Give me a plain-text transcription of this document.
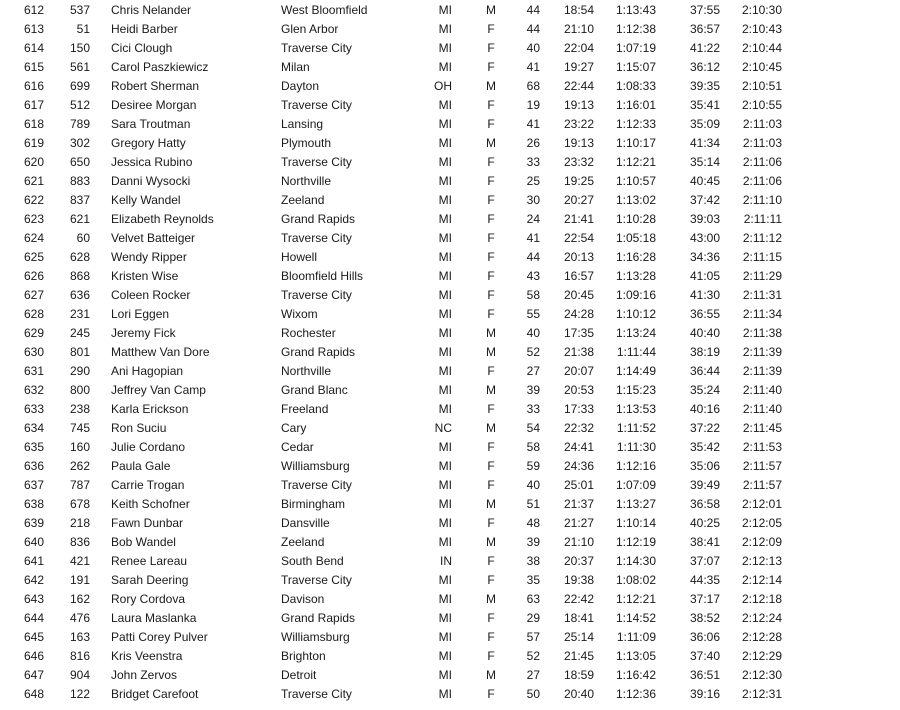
612	537 Chris Nelander	West Bloomfield	MI	M	44	18:54	1:13:43	37:55	2:10:30
613	51 Heidi Barber	Glen Arbor	MI	F	44	21:10	1:12:38	36:57	2:10:43
614	150 Cici Clough	Traverse City	MI	F	40	22:04	1:07:19	41:22	2:10:44
615	561 Carol Paszkiewicz	Milan	MI	F	41	19:27	1:15:07	36:12	2:10:45
616	699 Robert Sherman	Dayton	OH	M	68	22:44	1:08:33	39:35	2:10:51
617	512 Desiree Morgan	Traverse City	MI	F	19	19:13	1:16:01	35:41	2:10:55
618	789 Sara Troutman	Lansing	MI	F	41	23:22	1:12:33	35:09	2:11:03
619	302 Gregory Hatty	Plymouth	MI	M	26	19:13	1:10:17	41:34	2:11:03
620	650 Jessica Rubino	Traverse City	MI	F	33	23:32	1:12:21	35:14	2:11:06
621	883 Danni Wysocki	Northville	MI	F	25	19:25	1:10:57	40:45	2:11:06
622	837 Kelly Wandel	Zeeland	MI	F	30	20:27	1:13:02	37:42	2:11:10
623	621 Elizabeth Reynolds	Grand Rapids	MI	F	24	21:41	1:10:28	39:03	2:11:11
624	60 Velvet Batteiger	Traverse City	MI	F	41	22:54	1:05:18	43:00	2:11:12
625	628 Wendy Ripper	Howell	MI	F	44	20:13	1:16:28	34:36	2:11:15
626	868 Kristen Wise	Bloomfield Hills	MI	F	43	16:57	1:13:28	41:05	2:11:29
627	636 Coleen Rocker	Traverse City	MI	F	58	20:45	1:09:16	41:30	2:11:31
628	231 Lori Eggen	Wixom	MI	F	55	24:28	1:10:12	36:55	2:11:34
629	245 Jeremy Fick	Rochester	MI	M	40	17:35	1:13:24	40:40	2:11:38
630	801 Matthew Van Dore	Grand Rapids	MI	M	52	21:38	1:11:44	38:19	2:11:39
631	290 Ani Hagopian	Northville	MI	F	27	20:07	1:14:49	36:44	2:11:39
632	800 Jeffrey Van Camp	Grand Blanc	MI	M	39	20:53	1:15:23	35:24	2:11:40
633	238 Karla Erickson	Freeland	MI	F	33	17:33	1:13:53	40:16	2:11:40
634	745 Ron Suciu	Cary	NC	M	54	22:32	1:11:52	37:22	2:11:45
635	160 Julie Cordano	Cedar	MI	F	58	24:41	1:11:30	35:42	2:11:53
636	262 Paula Gale	Williamsburg	MI	F	59	24:36	1:12:16	35:06	2:11:57
637	787 Carrie Trogan	Traverse City	MI	F	40	25:01	1:07:09	39:49	2:11:57
638	678 Keith Schofner	Birmingham	MI	M	51	21:37	1:13:27	36:58	2:12:01
639	218 Fawn Dunbar	Dansville	MI	F	48	21:27	1:10:14	40:25	2:12:05
640	836 Bob Wandel	Zeeland	MI	M	39	21:10	1:12:19	38:41	2:12:09
641	421 Renee Lareau	South Bend	IN	F	38	20:37	1:14:30	37:07	2:12:13
642	191 Sarah Deering	Traverse City	MI	F	35	19:38	1:08:02	44:35	2:12:14
643	162 Rory Cordova	Davison	MI	M	63	22:42	1:12:21	37:17	2:12:18
644	476 Laura Maslanka	Grand Rapids	MI	F	29	18:41	1:14:52	38:52	2:12:24
645	163 Patti Corey Pulver	Williamsburg	MI	F	57	25:14	1:11:09	36:06	2:12:28
646	816 Kris Veenstra	Brighton	MI	F	52	21:45	1:13:05	37:40	2:12:29
647	904 John Zervos	Detroit	MI	M	27	18:59	1:16:42	36:51	2:12:30
648	122 Bridget Carefoot	Traverse City	MI	F	50	20:40	1:12:36	39:16	2:12:31
